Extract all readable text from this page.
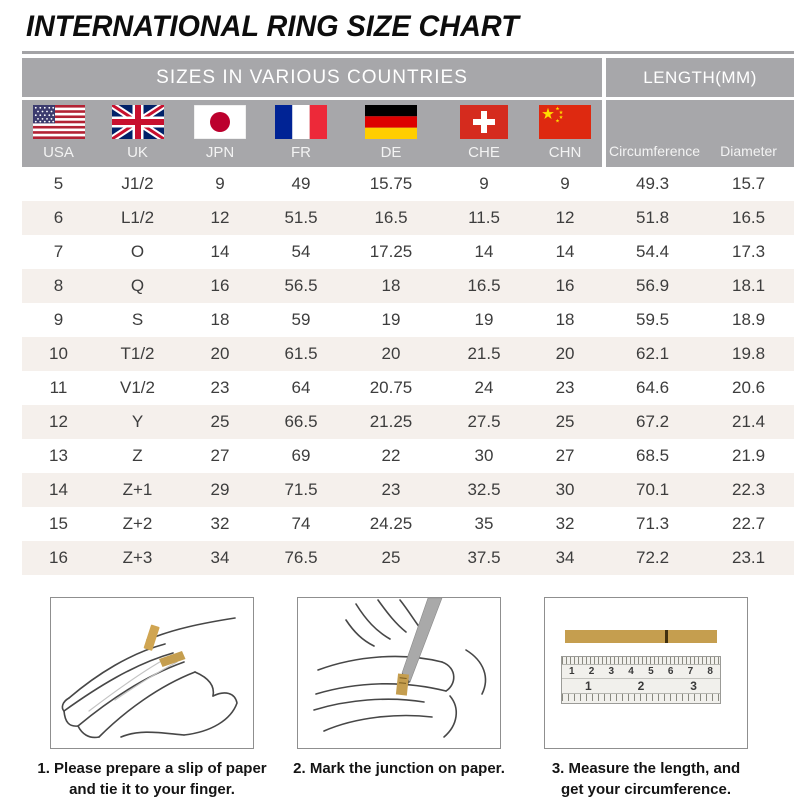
INTERNATIONAL RING SIZE CHART
SIZES IN VARIOUS COUNTRIES							LENGTH(MM)	

USA	UK	JPN	FR	DE	CHE	CHN	Circumference	Diameter
5	J1/2	9	49	15.75	9	9	49.3	15.7
6	L1/2	12	51.5	16.5	11.5	12	51.8	16.5
7	O	14	54	17.25	14	14	54.4	17.3
8	Q	16	56.5	18	16.5	16	56.9	18.1
9	S	18	59	19	19	18	59.5	18.9
10	T1/2	20	61.5	20	21.5	20	62.1	19.8
11	V1/2	23	64	20.75	24	23	64.6	20.6
12	Y	25	66.5	21.25	27.5	25	67.2	21.4
13	Z	27	69	22	30	27	68.5	21.9
14	Z+1	29	71.5	23	32.5	30	70.1	22.3
15	Z+2	32	74	24.25	35	32	71.3	22.7
16	Z+3	34	76.5	25	37.5	34	72.2	23.1
1. Please prepare a slip of paper
and tie it to your finger.
2. Mark the junction on paper.
1 2 3 4 5 6 7 8
1	2	3
3. Measure the length, and
get your circumference.
